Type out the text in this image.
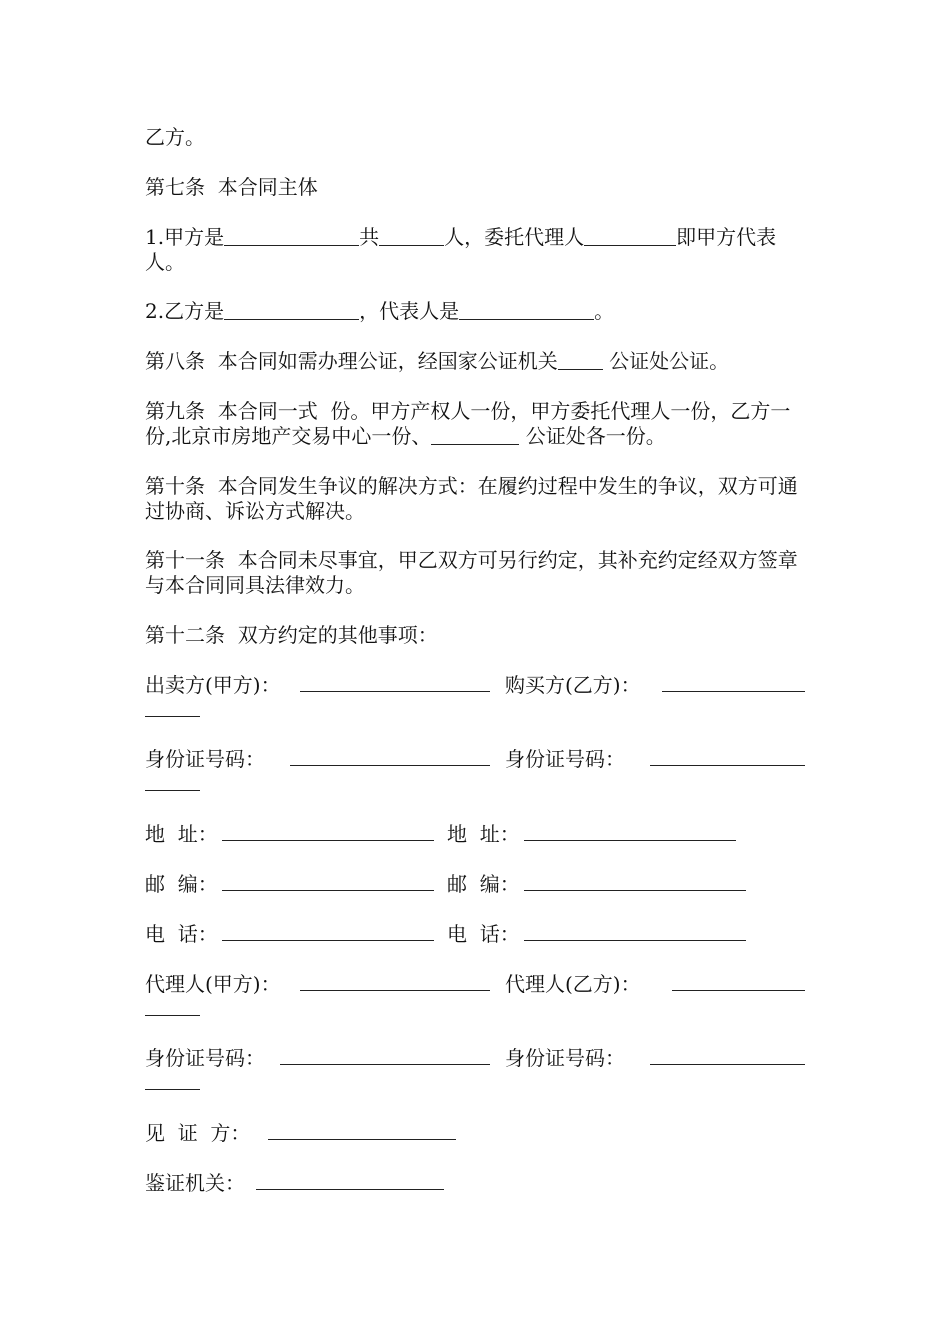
乙方。
第七条  本合同主体
1.甲方是	共	人，委托代理人	即甲方代表人。
2.乙方是	，代表人是	。
第八条  本合同如需办理公证，经国家公证机关 公证处公证。
第九条  本合同一式  份。甲方产权人一份，甲方委托代理人一份，乙方一份,北京市房地产交易中心一份、	公证处各一份。
第十条  本合同发生争议的解决方式：在履约过程中发生的争议，双方可通过协商、诉讼方式解决。
第十一条  本合同未尽事宜，甲乙双方可另行约定，其补充约定经双方签章与本合同同具法律效力。
第十二条  双方约定的其他事项：
出卖方(甲方)：	购买方(乙方)：
身份证号码：	身份证号码：
地  址：	地  址：
邮  编：	邮  编：
电  话：	电  话：
代理人(甲方)：	代理人(乙方)：
身份证号码：	身份证号码：
见  证  方：
鉴证机关：
